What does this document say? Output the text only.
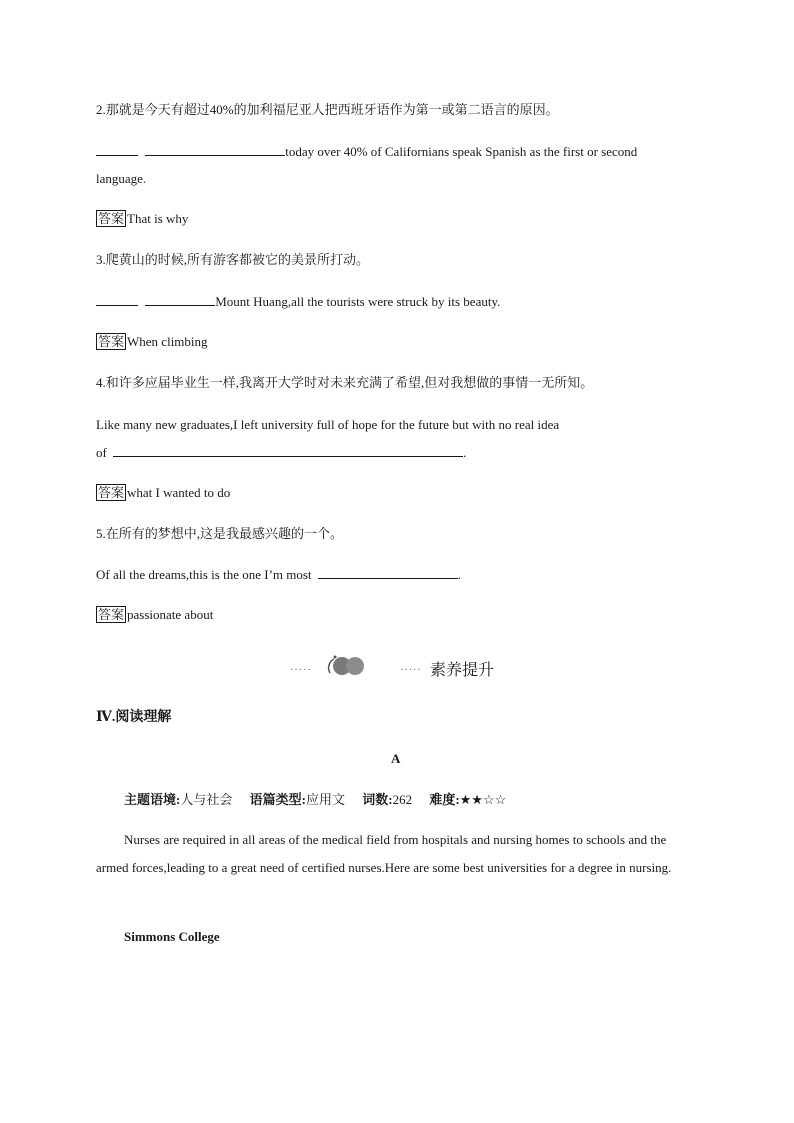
2.那就是今天有超过40%的加利福尼亚人把西班牙语作为第一或第二语言的原因。
today over 40% of Californians speak Spanish as the first or second
language.
答案 That is why
3.爬黄山的时候,所有游客都被它的美景所打动。
Mount Huang,all the tourists were struck by its beauty.
答案 When climbing
4.和许多应届毕业生一样,我离开大学时对未来充满了希望,但对我想做的事情一无所知。
Like many new graduates,I left university full of hope for the future but with no real idea
of	.
答案 what I wanted to do
5.在所有的梦想中,这是我最感兴趣的一个。
Of all the dreams,this is the one I’m most	.
答案 passionate about
·····	····· 素养提升
Ⅳ.阅读理解
A
主题语境:人与社会 语篇类型:应用文 词数:262 难度:★★☆☆
Nurses are required in all areas of the medical field from hospitals and nursing homes to schools and the armed forces,leading to a great need of certified nurses.Here are some best universities for a degree in nursing.
Simmons College
